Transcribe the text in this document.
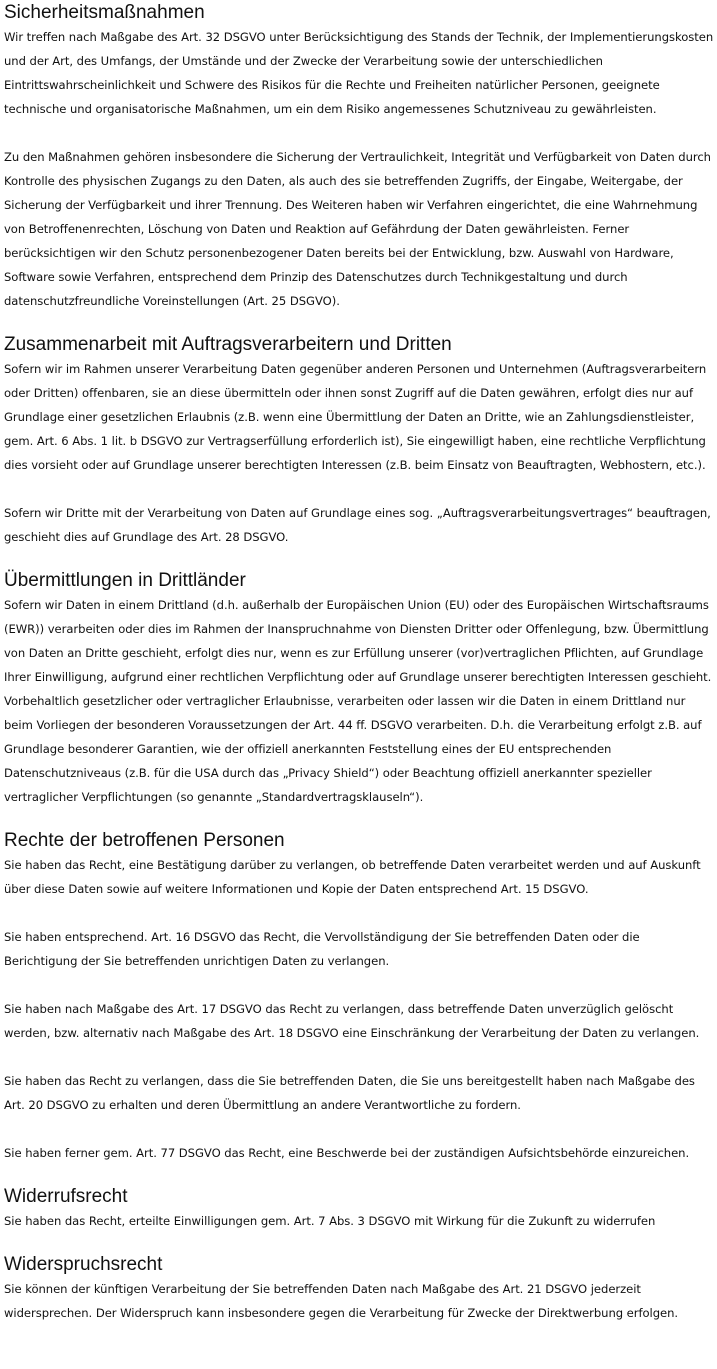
Sicherheitsmaßnahmen

Wir treffen nach Maßgabe des Art. 32 DSGVO unter Berücksichtigung des Stands der Technik, der Implementierungskosten und der Art, des Umfangs, der Umstände und der Zwecke der Verarbeitung sowie der unterschiedlichen Eintrittswahrscheinlichkeit und Schwere des Risikos für die Rechte und Freiheiten natürlicher Personen, geeignete technische und organisatorische Maßnahmen, um ein dem Risiko angemessenes Schutzniveau zu gewährleisten.

Zu den Maßnahmen gehören insbesondere die Sicherung der Vertraulichkeit, Integrität und Verfügbarkeit von Daten durch Kontrolle des physischen Zugangs zu den Daten, als auch des sie betreffenden Zugriffs, der Eingabe, Weitergabe, der Sicherung der Verfügbarkeit und ihrer Trennung. Des Weiteren haben wir Verfahren eingerichtet, die eine Wahrnehmung von Betroffenenrechten, Löschung von Daten und Reaktion auf Gefährdung der Daten gewährleisten. Ferner berücksichtigen wir den Schutz personenbezogener Daten bereits bei der Entwicklung, bzw. Auswahl von Hardware, Software sowie Verfahren, entsprechend dem Prinzip des Datenschutzes durch Technikgestaltung und durch datenschutzfreundliche Voreinstellungen (Art. 25 DSGVO).

Zusammenarbeit mit Auftragsverarbeitern und Dritten

Sofern wir im Rahmen unserer Verarbeitung Daten gegenüber anderen Personen und Unternehmen (Auftragsverarbeitern oder Dritten) offenbaren, sie an diese übermitteln oder ihnen sonst Zugriff auf die Daten gewähren, erfolgt dies nur auf Grundlage einer gesetzlichen Erlaubnis (z.B. wenn eine Übermittlung der Daten an Dritte, wie an Zahlungsdienstleister, gem. Art. 6 Abs. 1 lit. b DSGVO zur Vertragserfüllung erforderlich ist), Sie eingewilligt haben, eine rechtliche Verpflichtung dies vorsieht oder auf Grundlage unserer berechtigten Interessen (z.B. beim Einsatz von Beauftragten, Webhostern, etc.).

Sofern wir Dritte mit der Verarbeitung von Daten auf Grundlage eines sog. „Auftragsverarbeitungsvertrages“ beauftragen, geschieht dies auf Grundlage des Art. 28 DSGVO.

Übermittlungen in Drittländer

Sofern wir Daten in einem Drittland (d.h. außerhalb der Europäischen Union (EU) oder des Europäischen Wirtschaftsraums (EWR)) verarbeiten oder dies im Rahmen der Inanspruchnahme von Diensten Dritter oder Offenlegung, bzw. Übermittlung von Daten an Dritte geschieht, erfolgt dies nur, wenn es zur Erfüllung unserer (vor)vertraglichen Pflichten, auf Grundlage Ihrer Einwilligung, aufgrund einer rechtlichen Verpflichtung oder auf Grundlage unserer berechtigten Interessen geschieht. Vorbehaltlich gesetzlicher oder vertraglicher Erlaubnisse, verarbeiten oder lassen wir die Daten in einem Drittland nur beim Vorliegen der besonderen Voraussetzungen der Art. 44 ff. DSGVO verarbeiten. D.h. die Verarbeitung erfolgt z.B. auf Grundlage besonderer Garantien, wie der offiziell anerkannten Feststellung eines der EU entsprechenden Datenschutzniveaus (z.B. für die USA durch das „Privacy Shield“) oder Beachtung offiziell anerkannter spezieller vertraglicher Verpflichtungen (so genannte „Standardvertragsklauseln“).

Rechte der betroffenen Personen

Sie haben das Recht, eine Bestätigung darüber zu verlangen, ob betreffende Daten verarbeitet werden und auf Auskunft über diese Daten sowie auf weitere Informationen und Kopie der Daten entsprechend Art. 15 DSGVO.

Sie haben entsprechend. Art. 16 DSGVO das Recht, die Vervollständigung der Sie betreffenden Daten oder die Berichtigung der Sie betreffenden unrichtigen Daten zu verlangen.

Sie haben nach Maßgabe des Art. 17 DSGVO das Recht zu verlangen, dass betreffende Daten unverzüglich gelöscht werden, bzw. alternativ nach Maßgabe des Art. 18 DSGVO eine Einschränkung der Verarbeitung der Daten zu verlangen.

Sie haben das Recht zu verlangen, dass die Sie betreffenden Daten, die Sie uns bereitgestellt haben nach Maßgabe des Art. 20 DSGVO zu erhalten und deren Übermittlung an andere Verantwortliche zu fordern.

Sie haben ferner gem. Art. 77 DSGVO das Recht, eine Beschwerde bei der zuständigen Aufsichtsbehörde einzureichen.

Widerrufsrecht

Sie haben das Recht, erteilte Einwilligungen gem. Art. 7 Abs. 3 DSGVO mit Wirkung für die Zukunft zu widerrufen

Widerspruchsrecht

Sie können der künftigen Verarbeitung der Sie betreffenden Daten nach Maßgabe des Art. 21 DSGVO jederzeit widersprechen. Der Widerspruch kann insbesondere gegen die Verarbeitung für Zwecke der Direktwerbung erfolgen.
